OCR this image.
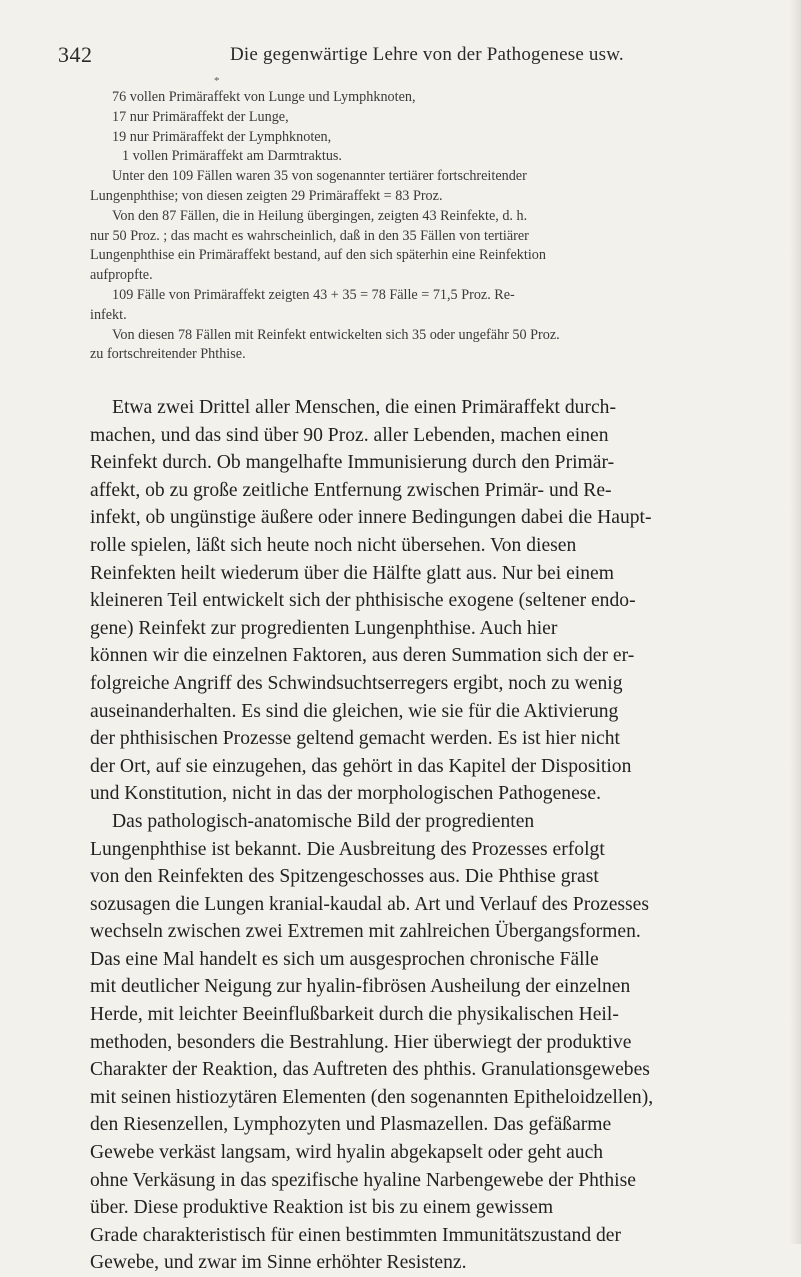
342	Die gegenwärtige Lehre von der Pathogenese usw.
*
76 vollen Primäraffekt von Lunge und Lymphknoten,
17 nur Primäraffekt der Lunge,
19 nur Primäraffekt der Lymphknoten,
1 vollen Primäraffekt am Darmtraktus.
Unter den 109 Fällen waren 35 von sogenannter tertiärer fortschreitender
Lungenphthise; von diesen zeigten 29 Primäraffekt = 83 Proz.
Von den 87 Fällen, die in Heilung übergingen, zeigten 43 Reinfekte, d. h.
nur 50 Proz. ; das macht es wahrscheinlich, daß in den 35 Fällen von tertiärer
Lungenphthise ein Primäraffekt bestand, auf den sich späterhin eine Reinfektion
aufpropfte.
109 Fälle von Primäraffekt zeigten 43 + 35 = 78 Fälle = 71,5 Proz. Re-
infekt.
Von diesen 78 Fällen mit Reinfekt entwickelten sich 35 oder ungefähr 50 Proz.
zu fortschreitender Phthise.
Etwa zwei Drittel aller Menschen, die einen Primäraffekt durch-
machen, und das sind über 90 Proz. aller Lebenden, machen einen
Reinfekt durch. Ob mangelhafte Immunisierung durch den Primär-
affekt, ob zu große zeitliche Entfernung zwischen Primär- und Re-
infekt, ob ungünstige äußere oder innere Bedingungen dabei die Haupt-
rolle spielen, läßt sich heute noch nicht übersehen. Von diesen
Reinfekten heilt wiederum über die Hälfte glatt aus. Nur bei einem
kleineren Teil entwickelt sich der phthisische exogene (seltener endo-
gene) Reinfekt zur progredienten Lungenphthise. Auch hier
können wir die einzelnen Faktoren, aus deren Summation sich der er-
folgreiche Angriff des Schwindsuchtserregers ergibt, noch zu wenig
auseinanderhalten. Es sind die gleichen, wie sie für die Aktivierung
der phthisischen Prozesse geltend gemacht werden. Es ist hier nicht
der Ort, auf sie einzugehen, das gehört in das Kapitel der Disposition
und Konstitution, nicht in das der morphologischen Pathogenese.
Das pathologisch-anatomische Bild der progredienten
Lungenphthise ist bekannt. Die Ausbreitung des Prozesses erfolgt
von den Reinfekten des Spitzengeschosses aus. Die Phthise grast
sozusagen die Lungen kranial-kaudal ab. Art und Verlauf des Prozesses
wechseln zwischen zwei Extremen mit zahlreichen Übergangsformen.
Das eine Mal handelt es sich um ausgesprochen chronische Fälle
mit deutlicher Neigung zur hyalin-fibrösen Ausheilung der einzelnen
Herde, mit leichter Beeinflußbarkeit durch die physikalischen Heil-
methoden, besonders die Bestrahlung. Hier überwiegt der produktive
Charakter der Reaktion, das Auftreten des phthis. Granulationsgewebes
mit seinen histiozytären Elementen (den sogenannten Epitheloidzellen),
den Riesenzellen, Lymphozyten und Plasmazellen. Das gefäßarme
Gewebe verkäst langsam, wird hyalin abgekapselt oder geht auch
ohne Verkäsung in das spezifische hyaline Narbengewebe der Phthise
über. Diese produktive Reaktion ist bis zu einem gewissem
Grade charakteristisch für einen bestimmten Immunitätszustand der
Gewebe, und zwar im Sinne erhöhter Resistenz.
